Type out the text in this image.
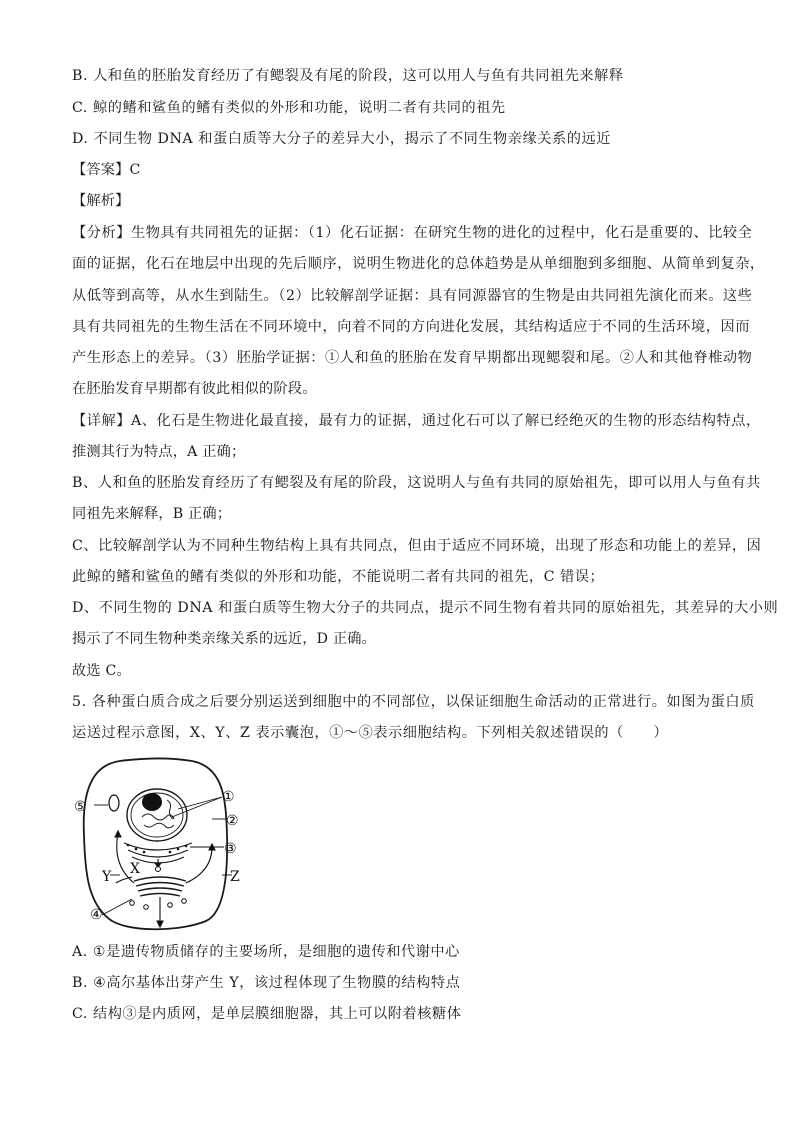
B. 人和鱼的胚胎发育经历了有鳃裂及有尾的阶段，这可以用人与鱼有共同祖先来解释
C. 鲸的鳍和鲨鱼的鳍有类似的外形和功能，说明二者有共同的祖先
D. 不同生物 DNA 和蛋白质等大分子的差异大小，揭示了不同生物亲缘关系的远近
【答案】C
【解析】
【分析】生物具有共同祖先的证据：（1）化石证据：在研究生物的进化的过程中，化石是重要的、比较全
面的证据，化石在地层中出现的先后顺序，说明生物进化的总体趋势是从单细胞到多细胞、从简单到复杂，
从低等到高等，从水生到陆生。（2）比较解剖学证据：具有同源器官的生物是由共同祖先演化而来。这些
具有共同祖先的生物生活在不同环境中，向着不同的方向进化发展，其结构适应于不同的生活环境，因而
产生形态上的差异。（3）胚胎学证据：①人和鱼的胚胎在发育早期都出现鳃裂和尾。②人和其他脊椎动物
在胚胎发育早期都有彼此相似的阶段。
【详解】A、化石是生物进化最直接，最有力的证据，通过化石可以了解已经绝灭的生物的形态结构特点，
推测其行为特点，A 正确；
B、人和鱼的胚胎发育经历了有鳃裂及有尾的阶段，这说明人与鱼有共同的原始祖先，即可以用人与鱼有共
同祖先来解释，B 正确；
C、比较解剖学认为不同种生物结构上具有共同点，但由于适应不同环境，出现了形态和功能上的差异，因
此鲸的鳍和鲨鱼的鳍有类似的外形和功能，不能说明二者有共同的祖先，C 错误；
D、不同生物的 DNA 和蛋白质等生物大分子的共同点，提示不同生物有着共同的原始祖先，其差异的大小则
揭示了不同生物种类亲缘关系的远近，D 正确。
故选 C。
5. 各种蛋白质合成之后要分别运送到细胞中的不同部位，以保证细胞生命活动的正常进行。如图为蛋白质
运送过程示意图，X、Y、Z 表示囊泡，①～⑤表示细胞结构。下列相关叙述错误的（　　）
①
②
③
④
⑤
X
Y	Z
A. ①是遗传物质储存的主要场所，是细胞的遗传和代谢中心
B. ④高尔基体出芽产生 Y，该过程体现了生物膜的结构特点
C. 结构③是内质网，是单层膜细胞器，其上可以附着核糖体
